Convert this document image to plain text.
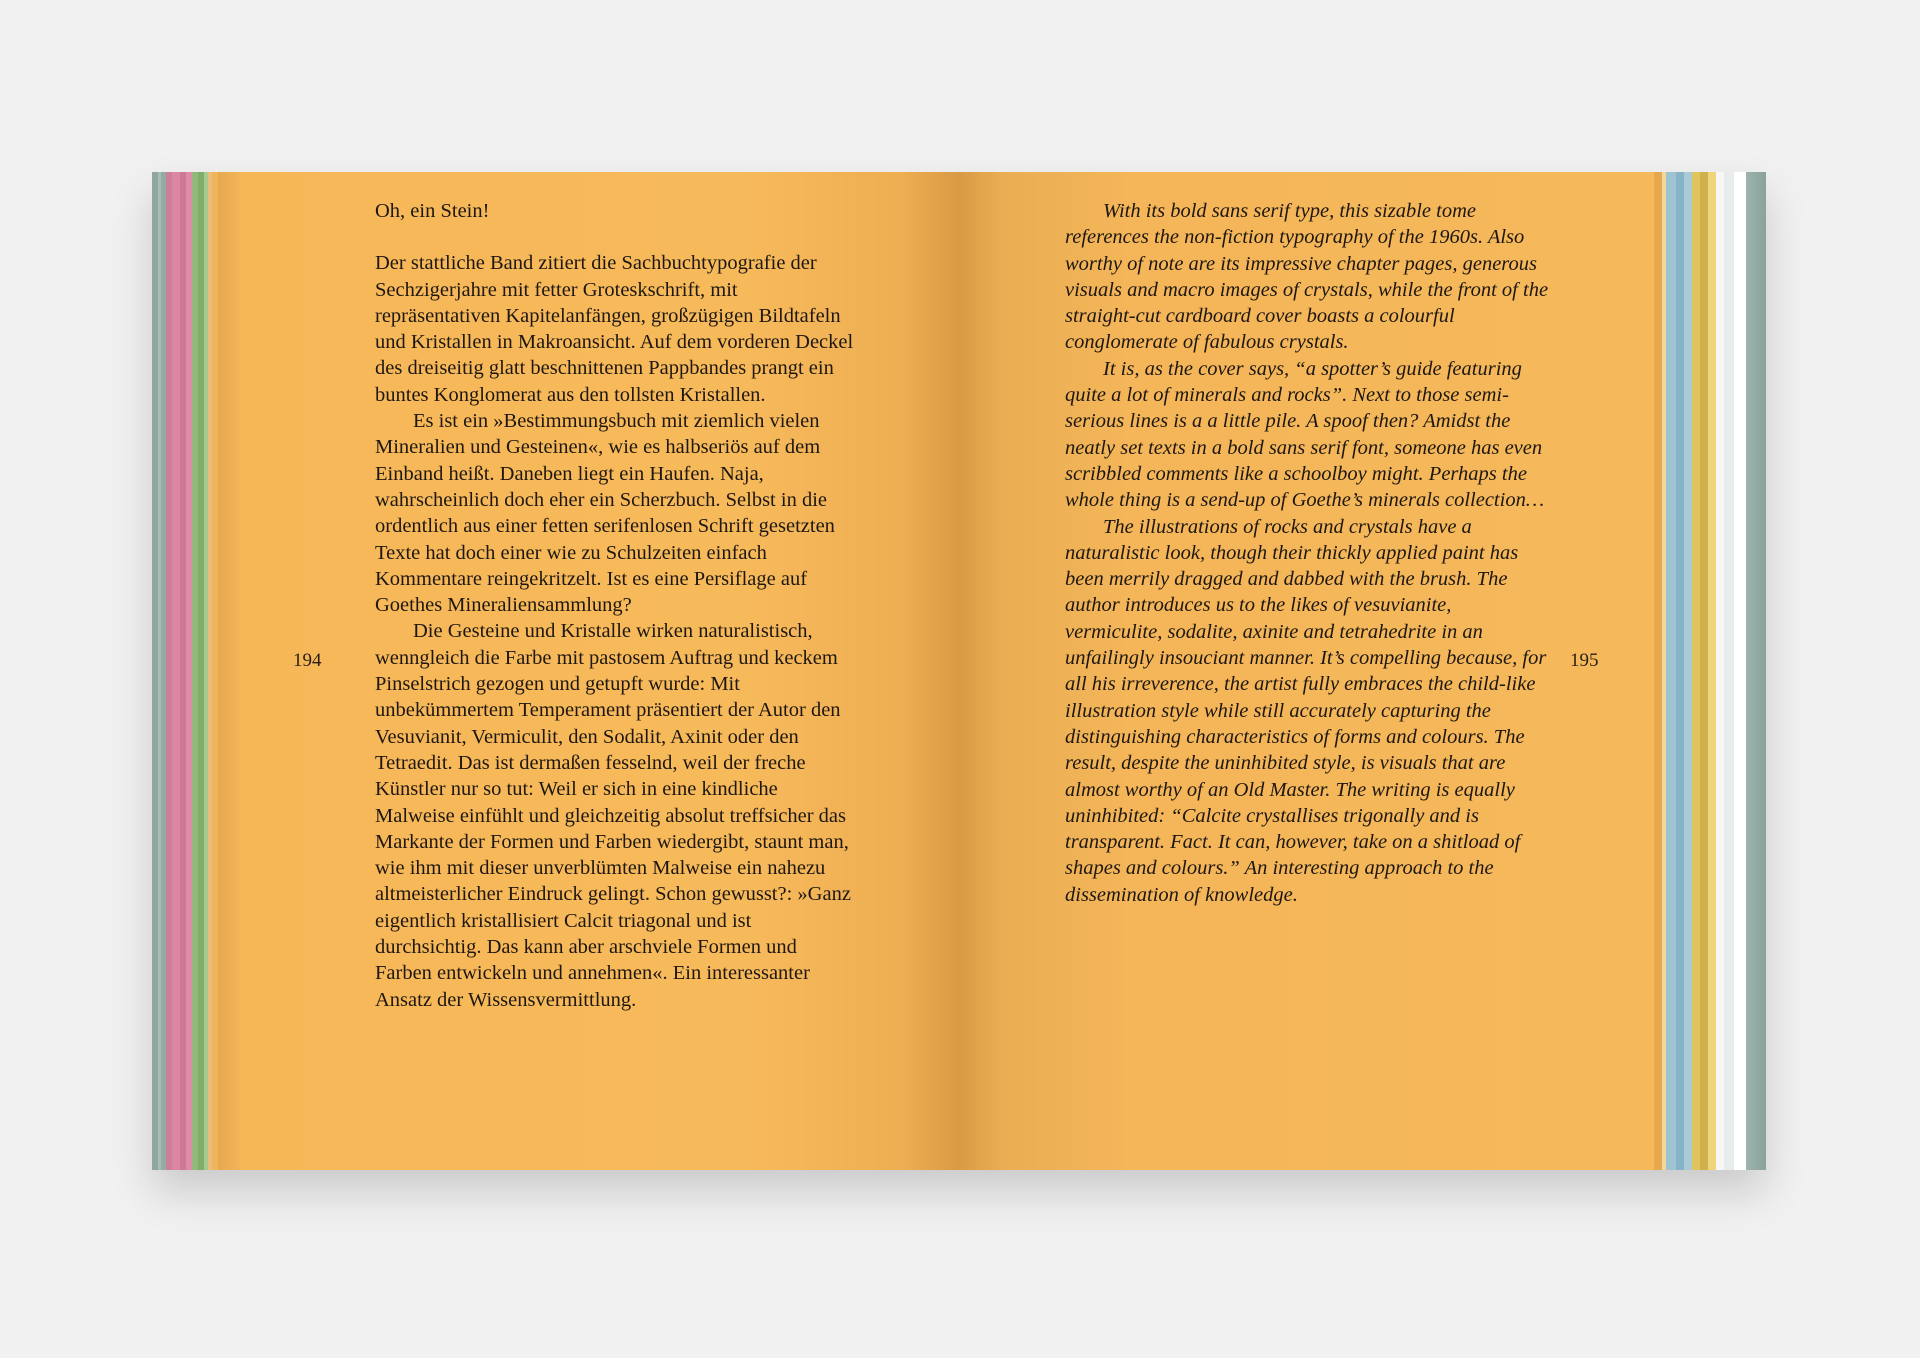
Oh, ein Stein!

Der stattliche Band zitiert die Sachbuchtypografie der Sechzigerjahre mit fetter Groteskschrift, mit repräsentativen Kapitelanfängen, großzügigen Bildtafeln und Kristallen in Makroansicht. Auf dem vorderen Deckel des dreiseitig glatt beschnittenen Pappbandes prangt ein buntes Konglomerat aus den tollsten Kristallen.

Es ist ein »Bestimmungsbuch mit ziemlich vielen Mineralien und Gesteinen«, wie es halbseriös auf dem Einband heißt. Daneben liegt ein Haufen. Naja, wahrscheinlich doch eher ein Scherzbuch. Selbst in die ordentlich aus einer fetten serifenlosen Schrift gesetzten Texte hat doch einer wie zu Schulzeiten einfach Kommentare reingekritzelt. Ist es eine Persiflage auf Goethes Mineraliensammlung?

Die Gesteine und Kristalle wirken naturalistisch, wenngleich die Farbe mit pastosem Auftrag und keckem Pinselstrich gezogen und getupft wurde: Mit unbekümmertem Temperament präsentiert der Autor den Vesuvianit, Vermiculit, den Sodalit, Axinit oder den Tetraedit. Das ist dermaßen fesselnd, weil der freche Künstler nur so tut: Weil er sich in eine kindliche Malweise einfühlt und gleichzeitig absolut treffsicher das Markante der Formen und Farben wiedergibt, staunt man, wie ihm mit dieser unverblümten Malweise ein nahezu altmeisterlicher Eindruck gelingt. Schon gewusst?: »Ganz eigentlich kristallisiert Calcit triagonal und ist durchsichtig. Das kann aber arschviele Formen und Farben entwickeln und annehmen«. Ein interessanter Ansatz der Wissensvermittlung.

194

With its bold sans serif type, this sizable tome references the non-fiction typography of the 1960s. Also worthy of note are its impressive chapter pages, generous visuals and macro images of crystals, while the front of the straight-cut cardboard cover boasts a colourful conglomerate of fabulous crystals.

It is, as the cover says, “a spotter’s guide featuring quite a lot of minerals and rocks”. Next to those semi-serious lines is a a little pile. A spoof then? Amidst the neatly set texts in a bold sans serif font, someone has even scribbled comments like a schoolboy might. Perhaps the whole thing is a send-up of Goethe’s minerals collection…

The illustrations of rocks and crystals have a naturalistic look, though their thickly applied paint has been merrily dragged and dabbed with the brush. The author introduces us to the likes of vesuvianite, vermiculite, sodalite, axinite and tetrahedrite in an unfailingly insouciant manner. It’s compelling because, for all his irreverence, the artist fully embraces the child-like illustration style while still accurately capturing the distinguishing characteristics of forms and colours. The result, despite the uninhibited style, is visuals that are almost worthy of an Old Master. The writing is equally uninhibited: “Calcite crystallises trigonally and is transparent. Fact. It can, however, take on a shitload of shapes and colours.” An interesting approach to the dissemination of knowledge.

195
